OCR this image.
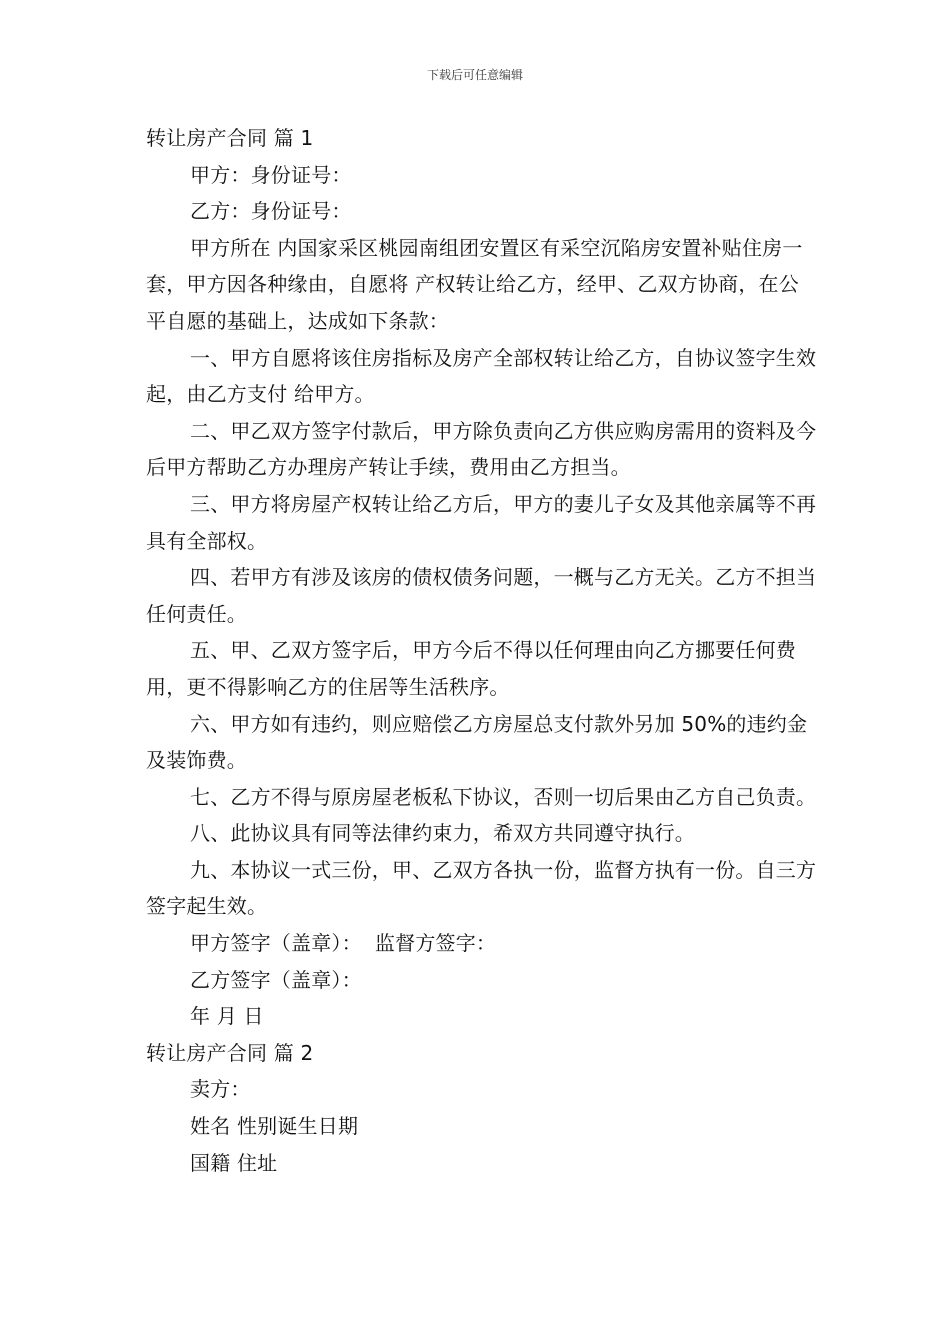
下载后可任意编辑

转让房产合同 篇 1

甲方：身份证号：

乙方：身份证号：

甲方所在 内国家采区桃园南组团安置区有采空沉陷房安置补贴住房一套，甲方因各种缘由，自愿将 产权转让给乙方，经甲、乙双方协商，在公平自愿的基础上，达成如下条款：

一、甲方自愿将该住房指标及房产全部权转让给乙方，自协议签字生效起，由乙方支付 给甲方。

二、甲乙双方签字付款后，甲方除负责向乙方供应购房需用的资料及今后甲方帮助乙方办理房产转让手续，费用由乙方担当。

三、甲方将房屋产权转让给乙方后，甲方的妻儿子女及其他亲属等不再具有全部权。

四、若甲方有涉及该房的债权债务问题，一概与乙方无关。乙方不担当任何责任。

五、甲、乙双方签字后，甲方今后不得以任何理由向乙方挪要任何费用，更不得影响乙方的住居等生活秩序。

六、甲方如有违约，则应赔偿乙方房屋总支付款外另加 50%的违约金及装饰费。

七、乙方不得与原房屋老板私下协议，否则一切后果由乙方自己负责。

八、此协议具有同等法律约束力，希双方共同遵守执行。

九、本协议一式三份，甲、乙双方各执一份，监督方执有一份。自三方签字起生效。

甲方签字（盖章）：  监督方签字：

乙方签字（盖章）：

年 月 日

转让房产合同 篇 2

卖方：

姓名 性别诞生日期

国籍 住址
